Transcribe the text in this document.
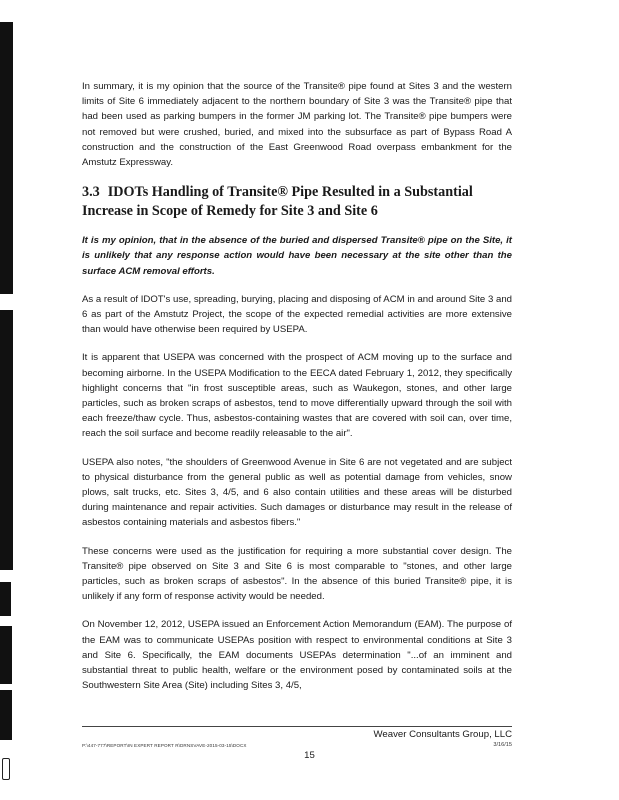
In summary, it is my opinion that the source of the Transite® pipe found at Sites 3 and the western limits of Site 6 immediately adjacent to the northern boundary of Site 3 was the Transite® pipe that had been used as parking bumpers in the former JM parking lot. The Transite® pipe bumpers were not removed but were crushed, buried, and mixed into the subsurface as part of Bypass Road A construction and the construction of the East Greenwood Road overpass embankment for the Amstutz Expressway.

3.3 IDOTs Handling of Transite® Pipe Resulted in a Substantial Increase in Scope of Remedy for Site 3 and Site 6

It is my opinion, that in the absence of the buried and dispersed Transite® pipe on the Site, it is unlikely that any response action would have been necessary at the site other than the surface ACM removal efforts.

As a result of IDOT's use, spreading, burying, placing and disposing of ACM in and around Site 3 and 6 as part of the Amstutz Project, the scope of the expected remedial activities are more extensive than would have otherwise been required by USEPA.

It is apparent that USEPA was concerned with the prospect of ACM moving up to the surface and becoming airborne. In the USEPA Modification to the EECA dated February 1, 2012, they specifically highlight concerns that "in frost susceptible areas, such as Waukegon, stones, and other large particles, such as broken scraps of asbestos, tend to move differentially upward through the soil with each freeze/thaw cycle. Thus, asbestos-containing wastes that are covered with soil can, over time, reach the soil surface and become readily releasable to the air".

USEPA also notes, "the shoulders of Greenwood Avenue in Site 6 are not vegetated and are subject to physical disturbance from the general public as well as potential damage from vehicles, snow plows, salt trucks, etc. Sites 3, 4/5, and 6 also contain utilities and these areas will be disturbed during maintenance and repair activities. Such damages or disturbance may result in the release of asbestos containing materials and asbestos fibers."

These concerns were used as the justification for requiring a more substantial cover design. The Transite® pipe observed on Site 3 and Site 6 is most comparable to "stones, and other large particles, such as broken scraps of asbestos". In the absence of this buried Transite® pipe, it is unlikely if any form of response activity would be needed.

On November 12, 2012, USEPA issued an Enforcement Action Memorandum (EAM). The purpose of the EAM was to communicate USEPAs position with respect to environmental conditions at Site 3 and Site 6. Specifically, the EAM documents USEPAs determination "...of an imminent and substantial threat to public health, welfare or the environment posed by contaminated soils at the Southwestern Site Area (Site) including Sites 3, 4/5,

Weaver Consultants Group, LLC
P:\447-777\REPORT\IN EXPERT REPORT R\DRNSVAVE-2015-03-15\DOCX	3/16/15
15
